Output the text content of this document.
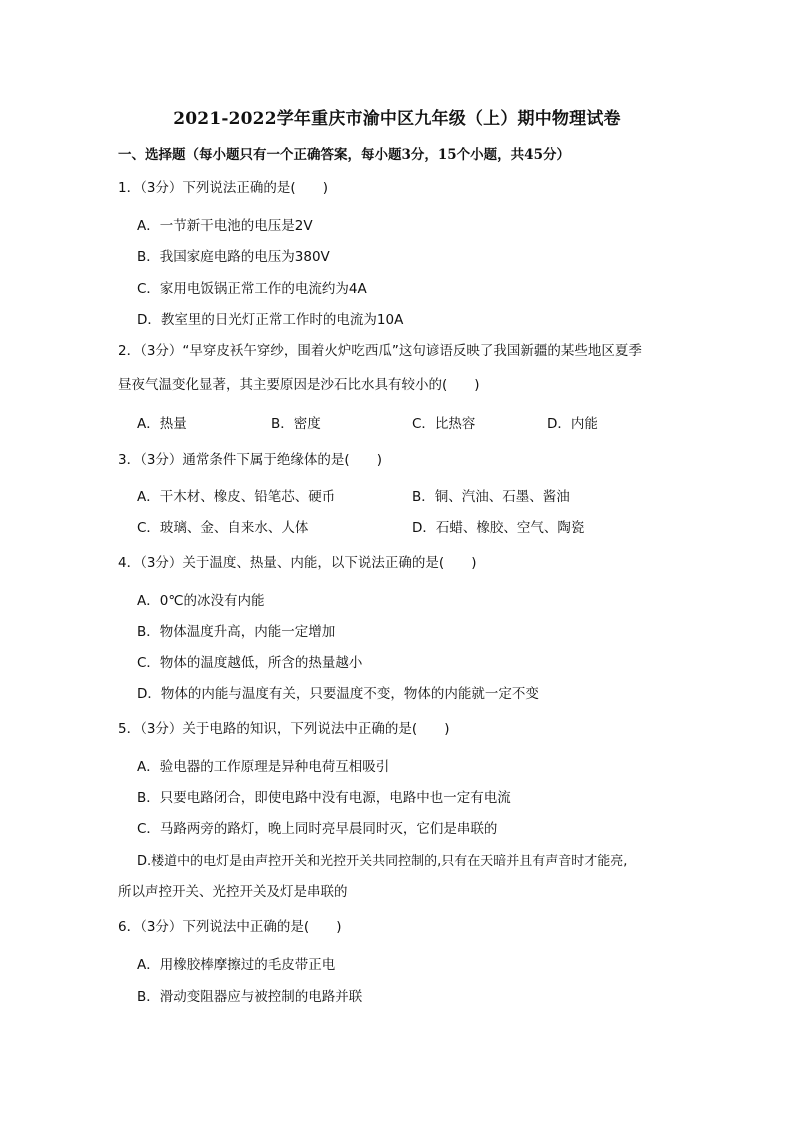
2021-2022学年重庆市渝中区九年级（上）期中物理试卷
一、选择题（每小题只有一个正确答案，每小题3分，15个小题，共45分）
1．（3分）下列说法正确的是(　　)
A．一节新干电池的电压是2V
B．我国家庭电路的电压为380V
C．家用电饭锅正常工作的电流约为4A
D．教室里的日光灯正常工作时的电流为10A
2．（3分）“早穿皮袄午穿纱，围着火炉吃西瓜”这句谚语反映了我国新疆的某些地区夏季
昼夜气温变化显著，其主要原因是沙石比水具有较小的(　　)
A．热量	B．密度	C．比热容	D．内能
3．（3分）通常条件下属于绝缘体的是(　　)
A．干木材、橡皮、铅笔芯、硬币	B．铜、汽油、石墨、酱油
C．玻璃、金、自来水、人体	D．石蜡、橡胶、空气、陶瓷
4．（3分）关于温度、热量、内能，以下说法正确的是(　　)
A．0℃的冰没有内能
B．物体温度升高，内能一定增加
C．物体的温度越低，所含的热量越小
D．物体的内能与温度有关，只要温度不变，物体的内能就一定不变
5．（3分）关于电路的知识，下列说法中正确的是(　　)
A．验电器的工作原理是异种电荷互相吸引
B．只要电路闭合，即使电路中没有电源，电路中也一定有电流
C．马路两旁的路灯，晚上同时亮早晨同时灭，它们是串联的
D.楼道中的电灯是由声控开关和光控开关共同控制的,只有在天暗并且有声音时才能亮,
所以声控开关、光控开关及灯是串联的
6．（3分）下列说法中正确的是(　　)
A．用橡胶棒摩擦过的毛皮带正电
B．滑动变阻器应与被控制的电路并联
